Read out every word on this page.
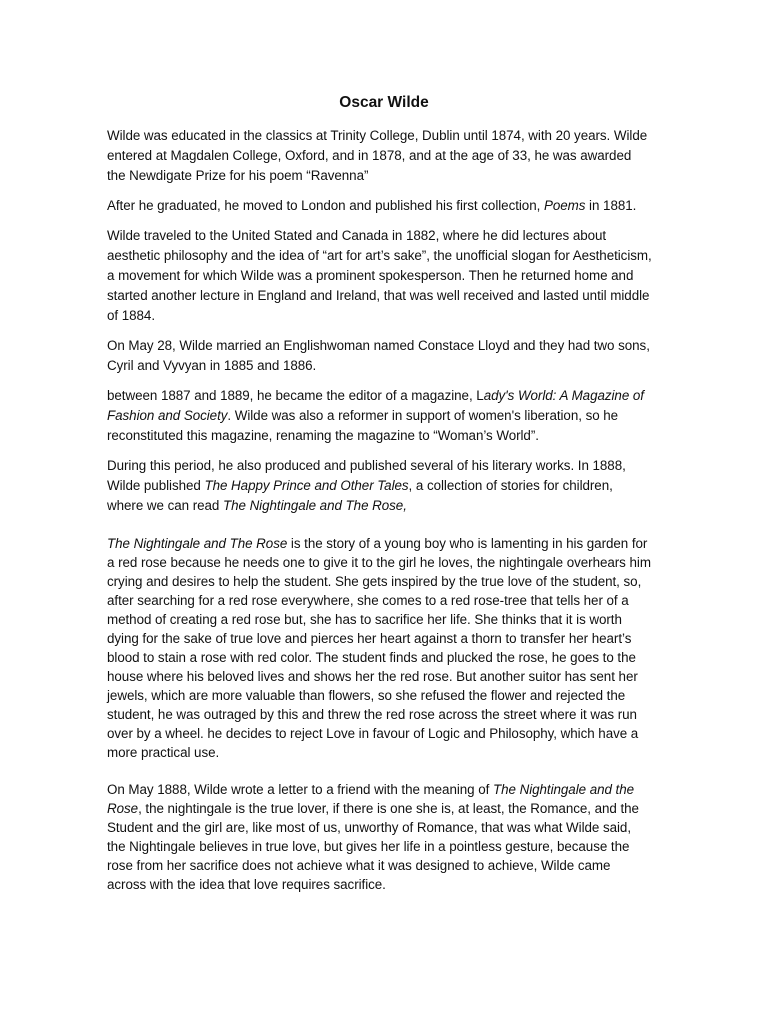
Oscar Wilde

Wilde was educated in the classics at Trinity College, Dublin until 1874, with 20 years. Wilde entered at Magdalen College, Oxford, and in 1878, and at the age of 33, he was awarded the Newdigate Prize for his poem “Ravenna”

After he graduated, he moved to London and published his first collection, Poems in 1881.

Wilde traveled to the United Stated and Canada in 1882, where he did lectures about aesthetic philosophy and the idea of “art for art’s sake”, the unofficial slogan for Aestheticism, a movement for which Wilde was a prominent spokesperson. Then he returned home and started another lecture in England and Ireland, that was well received and lasted until middle of 1884.

On May 28, Wilde married an Englishwoman named Constace Lloyd and they had two sons, Cyril and Vyvyan in 1885 and 1886.

between 1887 and 1889, he became the editor of a magazine, Lady's World: A Magazine of Fashion and Society. Wilde was also a reformer in support of women's liberation, so he reconstituted this magazine, renaming the magazine to “Woman’s World”.

During this period, he also produced and published several of his literary works. In 1888, Wilde published The Happy Prince and Other Tales, a collection of stories for children, where we can read The Nightingale and The Rose,

The Nightingale and The Rose is the story of a young boy who is lamenting in his garden for a red rose because he needs one to give it to the girl he loves, the nightingale overhears him crying and desires to help the student. She gets inspired by the true love of the student, so, after searching for a red rose everywhere, she comes to a red rose-tree that tells her of a method of creating a red rose but, she has to sacrifice her life. She thinks that it is worth dying for the sake of true love and pierces her heart against a thorn to transfer her heart’s blood to stain a rose with red color. The student finds and plucked the rose, he goes to the house where his beloved lives and shows her the red rose. But another suitor has sent her jewels, which are more valuable than flowers, so she refused the flower and rejected the student, he was outraged by this and threw the red rose across the street where it was run over by a wheel. he decides to reject Love in favour of Logic and Philosophy, which have a more practical use.

On May 1888, Wilde wrote a letter to a friend with the meaning of The Nightingale and the Rose, the nightingale is the true lover, if there is one she is, at least, the Romance, and the Student and the girl are, like most of us, unworthy of Romance, that was what Wilde said, the Nightingale believes in true love, but gives her life in a pointless gesture, because the rose from her sacrifice does not achieve what it was designed to achieve, Wilde came across with the idea that love requires sacrifice.
